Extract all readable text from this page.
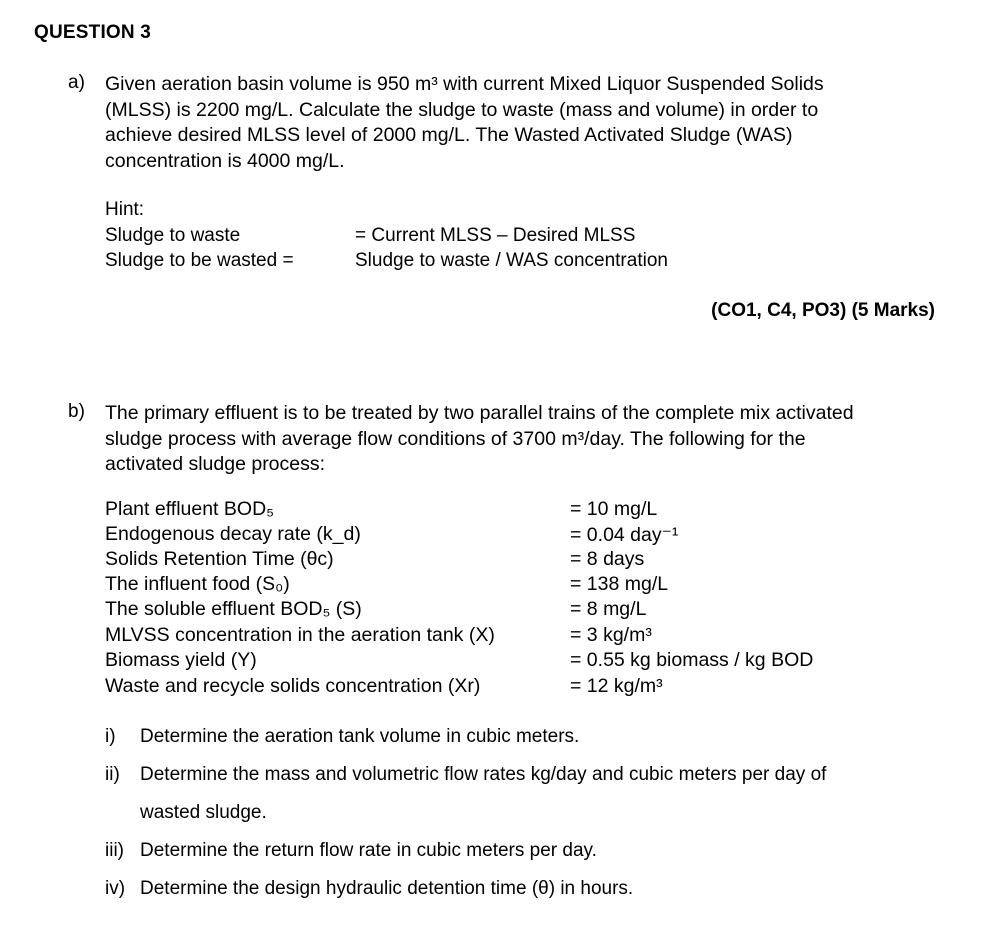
QUESTION 3
a) Given aeration basin volume is 950 m³ with current Mixed Liquor Suspended Solids
(MLSS) is 2200 mg/L. Calculate the sludge to waste (mass and volume) in order to
achieve desired MLSS level of 2000 mg/L. The Wasted Activated Sludge (WAS)
concentration is 4000 mg/L.
Hint:
Sludge to waste	= Current MLSS – Desired MLSS
Sludge to be wasted =	Sludge to waste / WAS concentration
(CO1, C4, PO3) (5 Marks)
b) The primary effluent is to be treated by two parallel trains of the complete mix activated
sludge process with average flow conditions of 3700 m³/day. The following for the
activated sludge process:
Plant effluent BOD₅	= 10 mg/L
Endogenous decay rate (k_d)	= 0.04 day⁻¹
Solids Retention Time (θc)	= 8 days
The influent food (S₀)	= 138 mg/L
The soluble effluent BOD₅ (S)	= 8 mg/L
MLVSS concentration in the aeration tank (X)	= 3 kg/m³
Biomass yield (Y)	= 0.55 kg biomass / kg BOD
Waste and recycle solids concentration (Xr)	= 12 kg/m³
i) Determine the aeration tank volume in cubic meters.
ii) Determine the mass and volumetric flow rates kg/day and cubic meters per day of
wasted sludge.
iii) Determine the return flow rate in cubic meters per day.
iv) Determine the design hydraulic detention time (θ) in hours.
